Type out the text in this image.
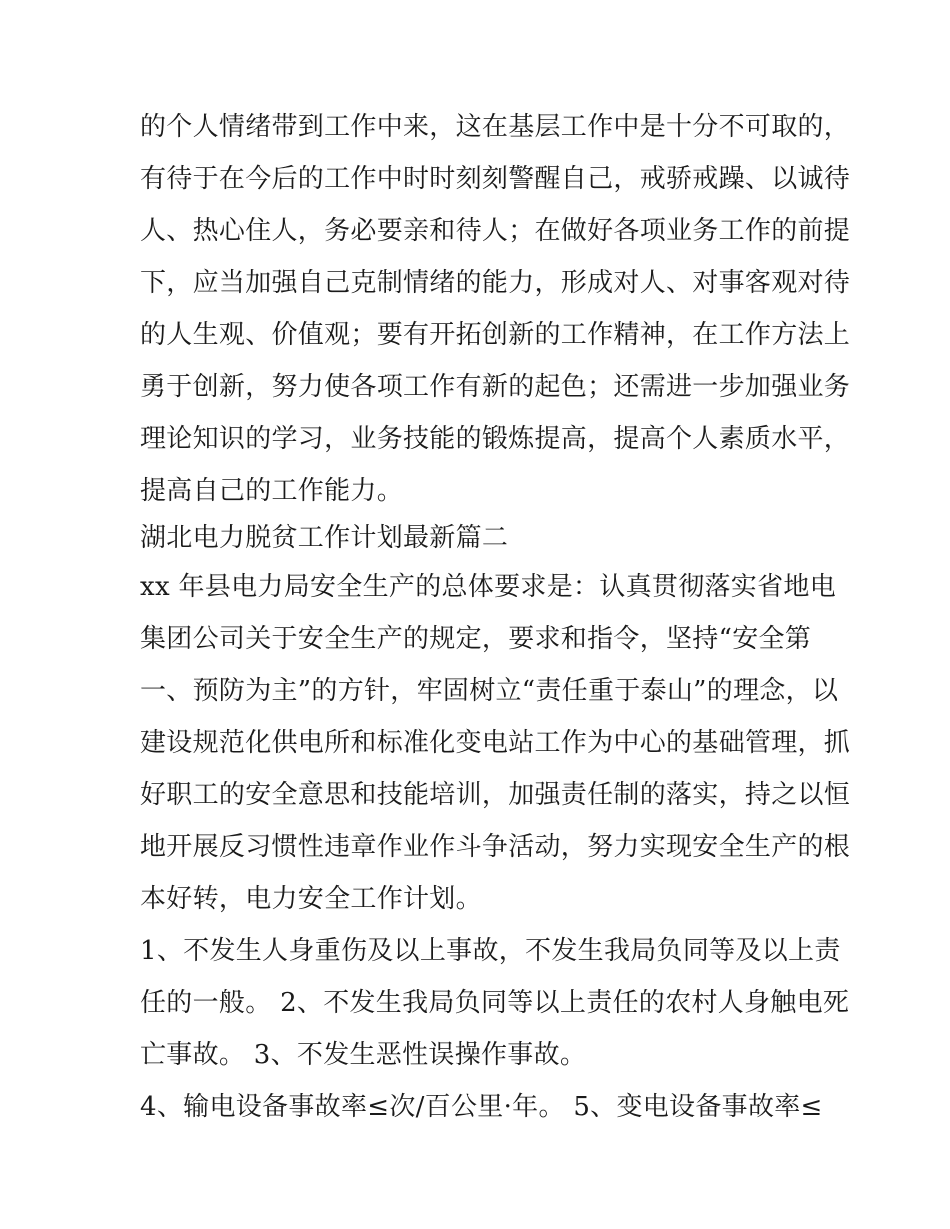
的个人情绪带到工作中来，这在基层工作中是十分不可取的，
有待于在今后的工作中时时刻刻警醒自己，戒骄戒躁、以诚待
人、热心住人，务必要亲和待人；在做好各项业务工作的前提
下，应当加强自己克制情绪的能力，形成对人、对事客观对待
的人生观、价值观；要有开拓创新的工作精神，在工作方法上
勇于创新，努力使各项工作有新的起色；还需进一步加强业务
理论知识的学习，业务技能的锻炼提高，提高个人素质水平，
提高自己的工作能力。
湖北电力脱贫工作计划最新篇二
xx 年县电力局安全生产的总体要求是：认真贯彻落实省地电
集团公司关于安全生产的规定，要求和指令，坚持“安全第
一、预防为主”的方针，牢固树立“责任重于泰山”的理念，以
建设规范化供电所和标准化变电站工作为中心的基础管理，抓
好职工的安全意思和技能培训，加强责任制的落实，持之以恒
地开展反习惯性违章作业作斗争活动，努力实现安全生产的根
本好转，电力安全工作计划。
1、不发生人身重伤及以上事故，不发生我局负同等及以上责
任的一般。 2、不发生我局负同等以上责任的农村人身触电死
亡事故。 3、不发生恶性误操作事故。
4、输电设备事故率≤次/百公里·年。 5、变电设备事故率≤
